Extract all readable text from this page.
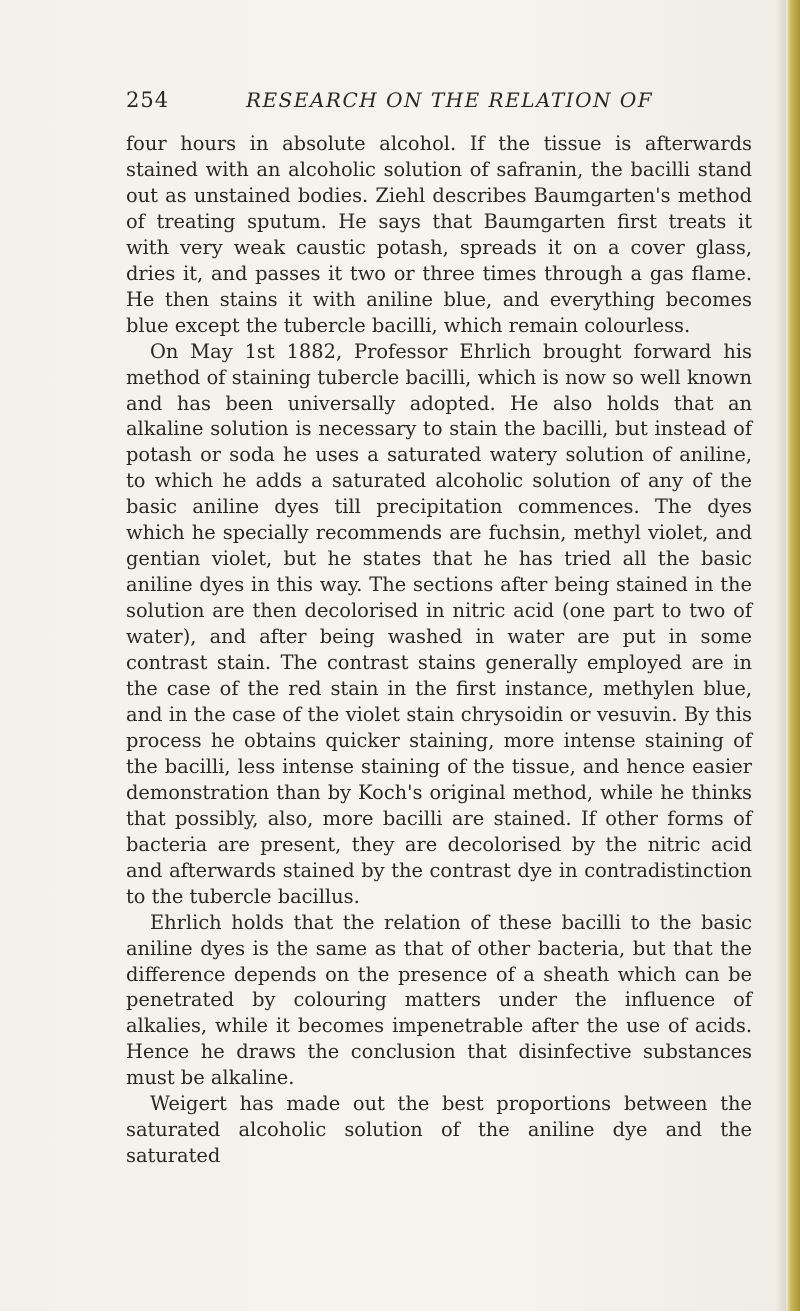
254	RESEARCH ON THE RELATION OF

four hours in absolute alcohol. If the tissue is afterwards stained with an alcoholic solution of safranin, the bacilli stand out as unstained bodies. Ziehl describes Baumgarten's method of treating sputum. He says that Baumgarten first treats it with very weak caustic potash, spreads it on a cover glass, dries it, and passes it two or three times through a gas flame. He then stains it with aniline blue, and everything becomes blue except the tubercle bacilli, which remain colourless.

On May 1st 1882, Professor Ehrlich brought forward his method of staining tubercle bacilli, which is now so well known and has been universally adopted. He also holds that an alkaline solution is necessary to stain the bacilli, but instead of potash or soda he uses a saturated watery solution of aniline, to which he adds a saturated alcoholic solution of any of the basic aniline dyes till precipitation commences. The dyes which he specially recommends are fuchsin, methyl violet, and gentian violet, but he states that he has tried all the basic aniline dyes in this way. The sections after being stained in the solution are then decolorised in nitric acid (one part to two of water), and after being washed in water are put in some contrast stain. The contrast stains generally employed are in the case of the red stain in the first instance, methylen blue, and in the case of the violet stain chrysoidin or vesuvin. By this process he obtains quicker staining, more intense staining of the bacilli, less intense staining of the tissue, and hence easier demonstration than by Koch's original method, while he thinks that possibly, also, more bacilli are stained. If other forms of bacteria are present, they are decolorised by the nitric acid and afterwards stained by the contrast dye in contradistinction to the tubercle bacillus.

Ehrlich holds that the relation of these bacilli to the basic aniline dyes is the same as that of other bacteria, but that the difference depends on the presence of a sheath which can be penetrated by colouring matters under the influence of alkalies, while it becomes impenetrable after the use of acids. Hence he draws the conclusion that disinfective substances must be alkaline.

Weigert has made out the best proportions between the saturated alcoholic solution of the aniline dye and the saturated
